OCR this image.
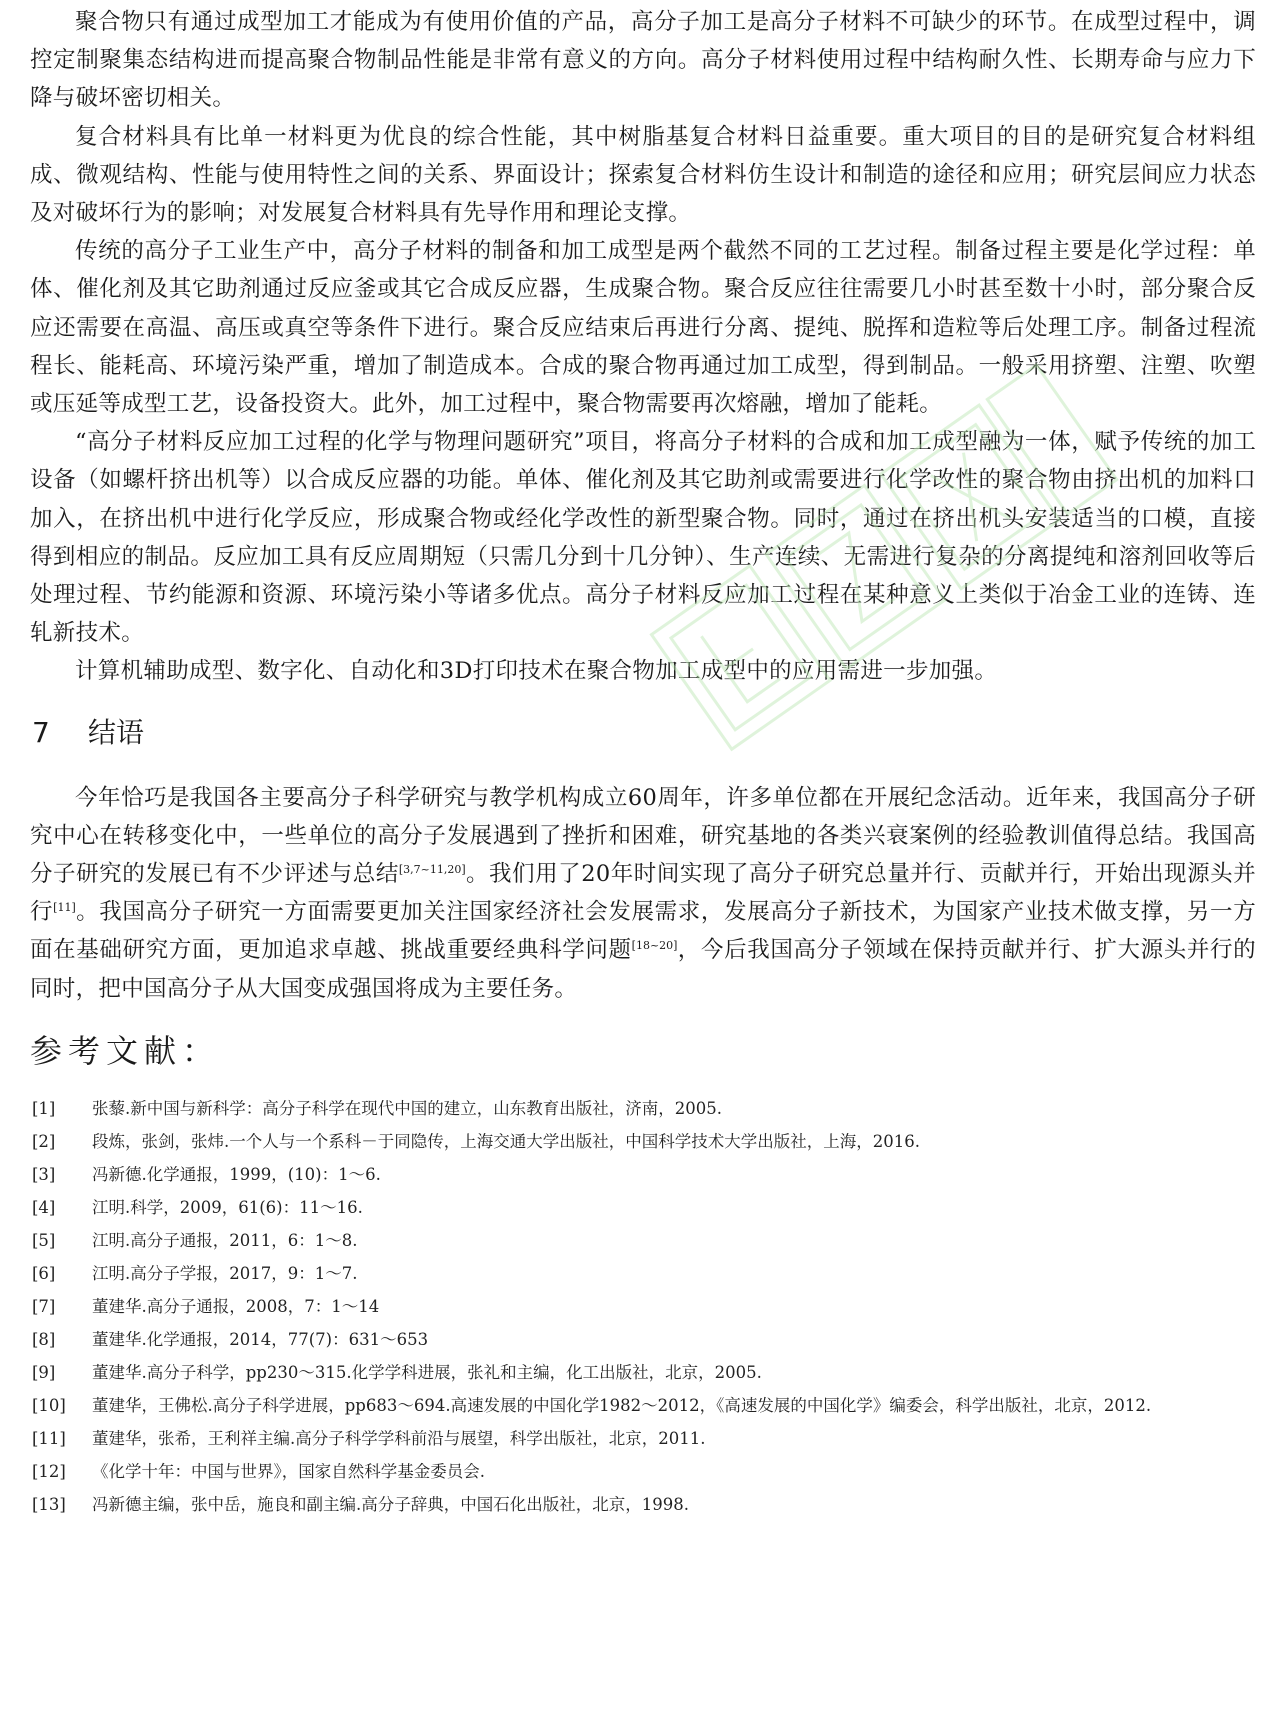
聚合物只有通过成型加工才能成为有使用价值的产品，高分子加工是高分子材料不可缺少的环节。在成型过程中，调控定制聚集态结构进而提高聚合物制品性能是非常有意义的方向。高分子材料使用过程中结构耐久性、长期寿命与应力下降与破坏密切相关。

复合材料具有比单一材料更为优良的综合性能，其中树脂基复合材料日益重要。重大项目的目的是研究复合材料组成、微观结构、性能与使用特性之间的关系、界面设计；探索复合材料仿生设计和制造的途径和应用；研究层间应力状态及对破坏行为的影响；对发展复合材料具有先导作用和理论支撑。

传统的高分子工业生产中，高分子材料的制备和加工成型是两个截然不同的工艺过程。制备过程主要是化学过程：单体、催化剂及其它助剂通过反应釜或其它合成反应器，生成聚合物。聚合反应往往需要几小时甚至数十小时，部分聚合反应还需要在高温、高压或真空等条件下进行。聚合反应结束后再进行分离、提纯、脱挥和造粒等后处理工序。制备过程流程长、能耗高、环境污染严重，增加了制造成本。合成的聚合物再通过加工成型，得到制品。一般采用挤塑、注塑、吹塑或压延等成型工艺，设备投资大。此外，加工过程中，聚合物需要再次熔融，增加了能耗。

“高分子材料反应加工过程的化学与物理问题研究”项目，将高分子材料的合成和加工成型融为一体，赋予传统的加工设备（如螺杆挤出机等）以合成反应器的功能。单体、催化剂及其它助剂或需要进行化学改性的聚合物由挤出机的加料口加入，在挤出机中进行化学反应，形成聚合物或经化学改性的新型聚合物。同时，通过在挤出机头安装适当的口模，直接得到相应的制品。反应加工具有反应周期短（只需几分到十几分钟）、生产连续、无需进行复杂的分离提纯和溶剂回收等后处理过程、节约能源和资源、环境污染小等诸多优点。高分子材料反应加工过程在某种意义上类似于冶金工业的连铸、连轧新技术。

计算机辅助成型、数字化、自动化和3D打印技术在聚合物加工成型中的应用需进一步加强。

7 结语

今年恰巧是我国各主要高分子科学研究与教学机构成立60周年，许多单位都在开展纪念活动。近年来，我国高分子研究中心在转移变化中，一些单位的高分子发展遇到了挫折和困难，研究基地的各类兴衰案例的经验教训值得总结。我国高分子研究的发展已有不少评述与总结[3,7~11,20]。我们用了20年时间实现了高分子研究总量并行、贡献并行，开始出现源头并行[11]。我国高分子研究一方面需要更加关注国家经济社会发展需求，发展高分子新技术，为国家产业技术做支撑，另一方面在基础研究方面，更加追求卓越、挑战重要经典科学问题[18~20]，今后我国高分子领域在保持贡献并行、扩大源头并行的同时，把中国高分子从大国变成强国将成为主要任务。

参考文献：
[1]	张藜.新中国与新科学：高分子科学在现代中国的建立，山东教育出版社，济南，2005.
[2]	段炼，张剑，张炜.一个人与一个系科－于同隐传，上海交通大学出版社，中国科学技术大学出版社，上海，2016.
[3]	冯新德.化学通报，1999，(10)：1～6.
[4]	江明.科学，2009，61(6)：11～16.
[5]	江明.高分子通报，2011，6：1～8.
[6]	江明.高分子学报，2017，9：1～7.
[7]	董建华.高分子通报，2008，7：1～14
[8]	董建华.化学通报，2014，77(7)：631～653
[9]	董建华.高分子科学，pp230～315.化学学科进展，张礼和主编，化工出版社，北京，2005.
[10]	董建华，王佛松.高分子科学进展，pp683～694.高速发展的中国化学1982～2012，《高速发展的中国化学》编委会，科学出版社，北京，2012.
[11]	董建华，张希，王利祥主编.高分子科学学科前沿与展望，科学出版社，北京，2011.
[12]	《化学十年：中国与世界》，国家自然科学基金委员会.
[13]	冯新德主编，张中岳，施良和副主编.高分子辞典，中国石化出版社，北京，1998.
